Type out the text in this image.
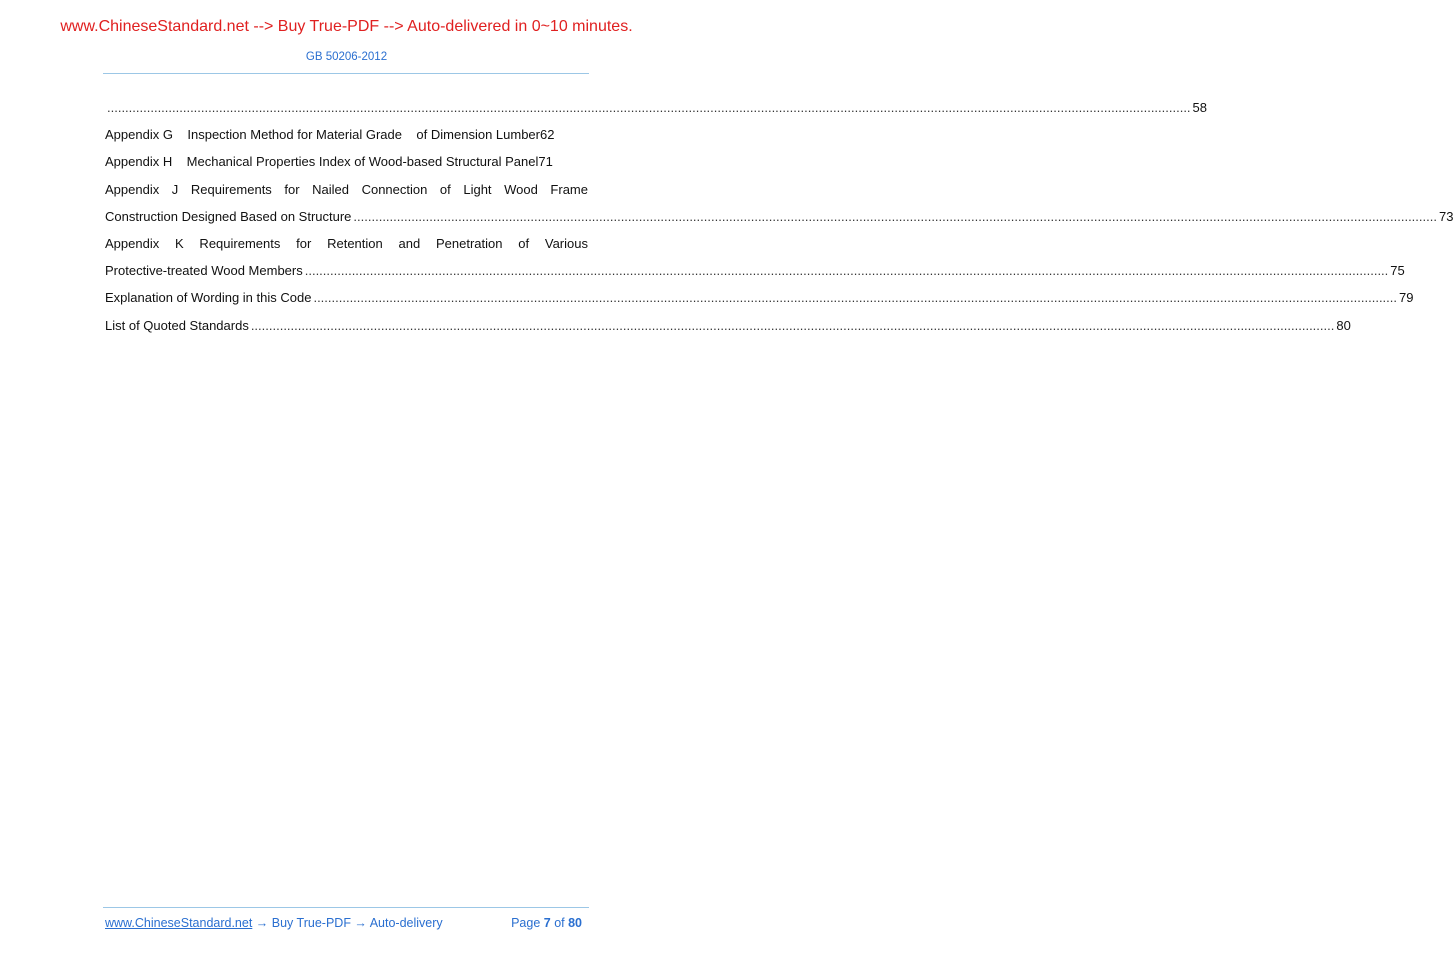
www.ChineseStandard.net --> Buy True-PDF --> Auto-delivered in 0~10 minutes.
GB 50206-2012
............................................................................................................................................................................................................................................................................................................ 58
Appendix G    Inspection Method for Material Grade    of Dimension Lumber 62
Appendix H    Mechanical Properties Index of Wood-based Structural Panel 71
Appendix J Requirements for Nailed Connection of Light Wood Frame
Construction Designed Based on Structure ............................................................................................................................................................................................................................................................................................................ 73
Appendix K Requirements for Retention and Penetration of Various
Protective-treated Wood Members ............................................................................................................................................................................................................................................................................................................ 75
Explanation of Wording in this Code ............................................................................................................................................................................................................................................................................................................ 79
List of Quoted Standards ............................................................................................................................................................................................................................................................................................................ 80
www.ChineseStandard.net → Buy True-PDF → Auto-delivery	Page 7 of 80
